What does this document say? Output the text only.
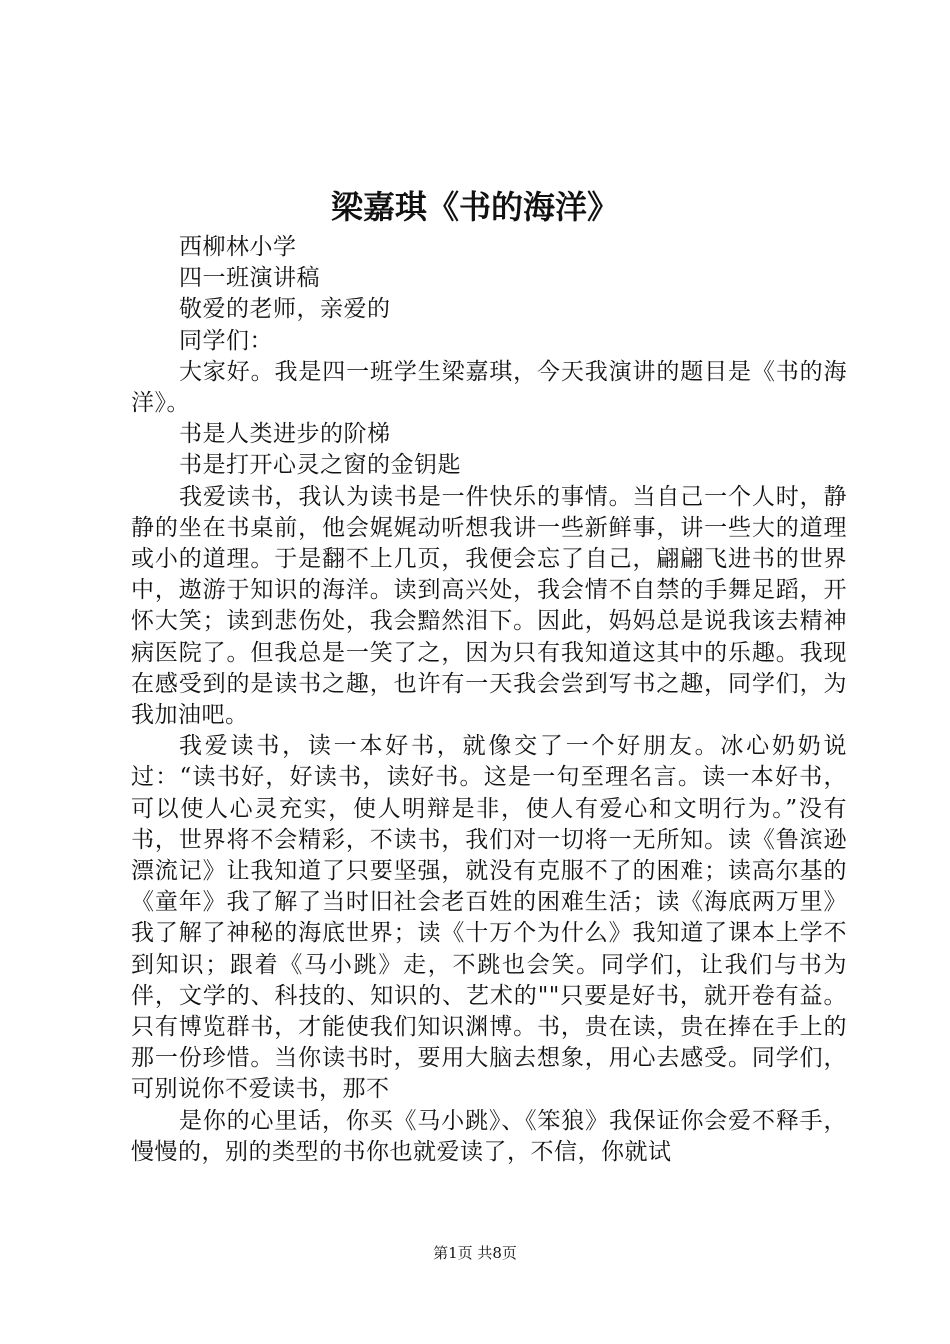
梁嘉琪《书的海洋》

西柳林小学

四一班演讲稿

敬爱的老师，亲爱的

同学们：

大家好。我是四一班学生梁嘉琪，今天我演讲的题目是《书的海洋》。

书是人类进步的阶梯

书是打开心灵之窗的金钥匙

我爱读书，我认为读书是一件快乐的事情。当自己一个人时，静静的坐在书桌前，他会娓娓动听想我讲一些新鲜事，讲一些大的道理或小的道理。于是翻不上几页，我便会忘了自己，翩翩飞进书的世界中，遨游于知识的海洋。读到高兴处，我会情不自禁的手舞足蹈，开怀大笑；读到悲伤处，我会黯然泪下。因此，妈妈总是说我该去精神病医院了。但我总是一笑了之，因为只有我知道这其中的乐趣。我现在感受到的是读书之趣，也许有一天我会尝到写书之趣，同学们，为我加油吧。

我爱读书，读一本好书，就像交了一个好朋友。冰心奶奶说过：“读书好，好读书，读好书。这是一句至理名言。读一本好书，可以使人心灵充实，使人明辩是非，使人有爱心和文明行为。”没有书，世界将不会精彩，不读书，我们对一切将一无所知。读《鲁滨逊漂流记》让我知道了只要坚强，就没有克服不了的困难；读高尔基的《童年》我了解了当时旧社会老百姓的困难生活；读《海底两万里》我了解了神秘的海底世界；读《十万个为什么》我知道了课本上学不到知识；跟着《马小跳》走，不跳也会笑。同学们，让我们与书为伴，文学的、科技的、知识的、艺术的""只要是好书，就开卷有益。只有博览群书，才能使我们知识渊博。书，贵在读，贵在捧在手上的那一份珍惜。当你读书时，要用大脑去想象，用心去感受。同学们，可别说你不爱读书，那不

是你的心里话，你买《马小跳》、《笨狼》我保证你会爱不释手，慢慢的，别的类型的书你也就爱读了，不信，你就试

第1页 共8页
